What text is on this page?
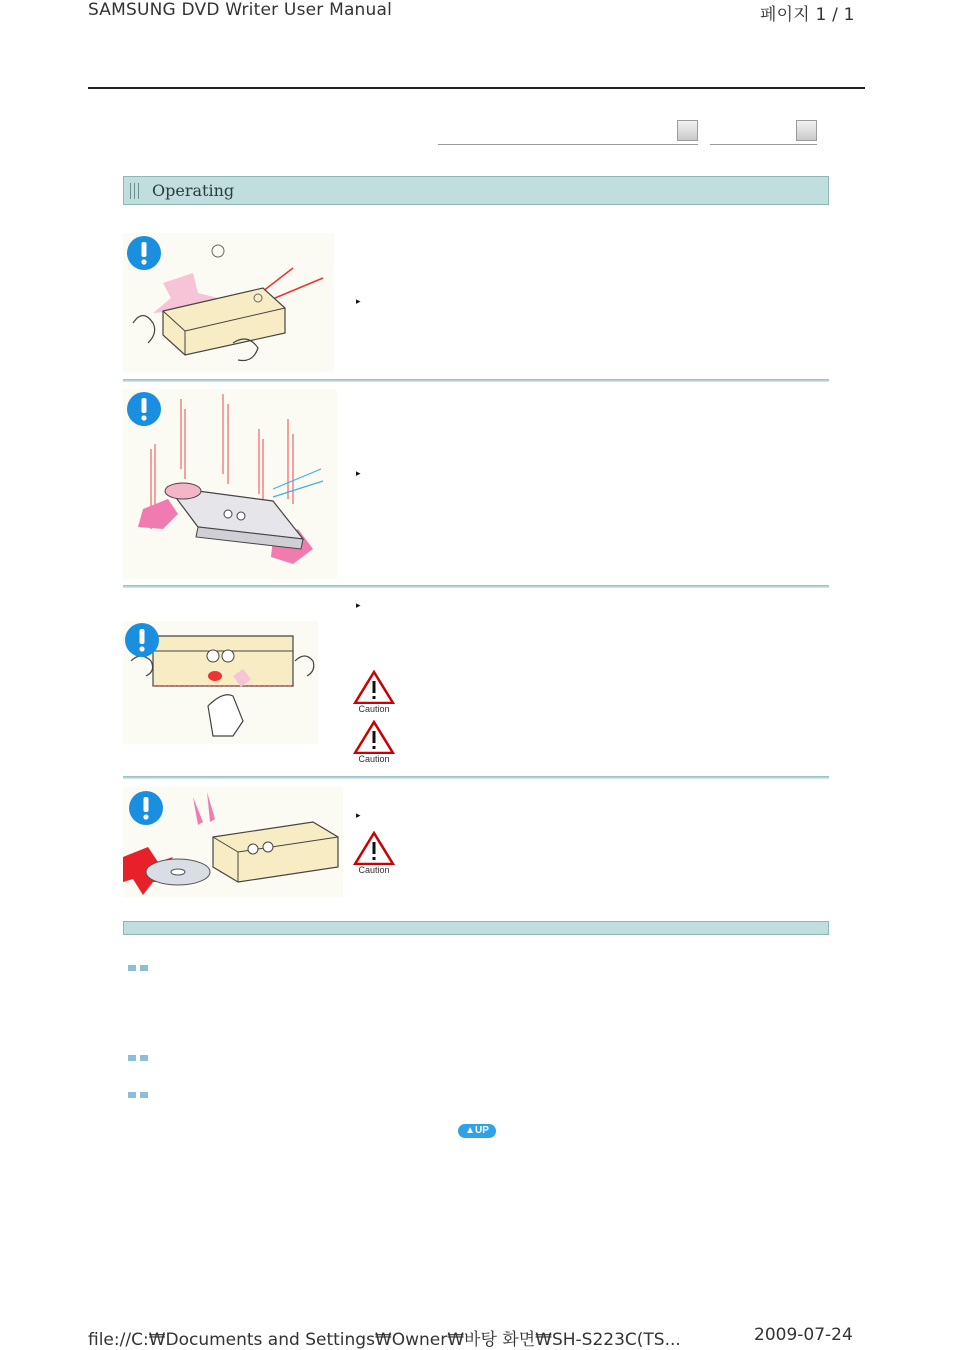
SAMSUNG DVD Writer User Manual	페이지 1 / 1
Operating
▸
▸
▸
Caution
Caution
▸
Caution
▲UP
file://C:₩Documents and Settings₩Owner₩바탕 화면₩SH-S223C(TS...	2009-07-24
